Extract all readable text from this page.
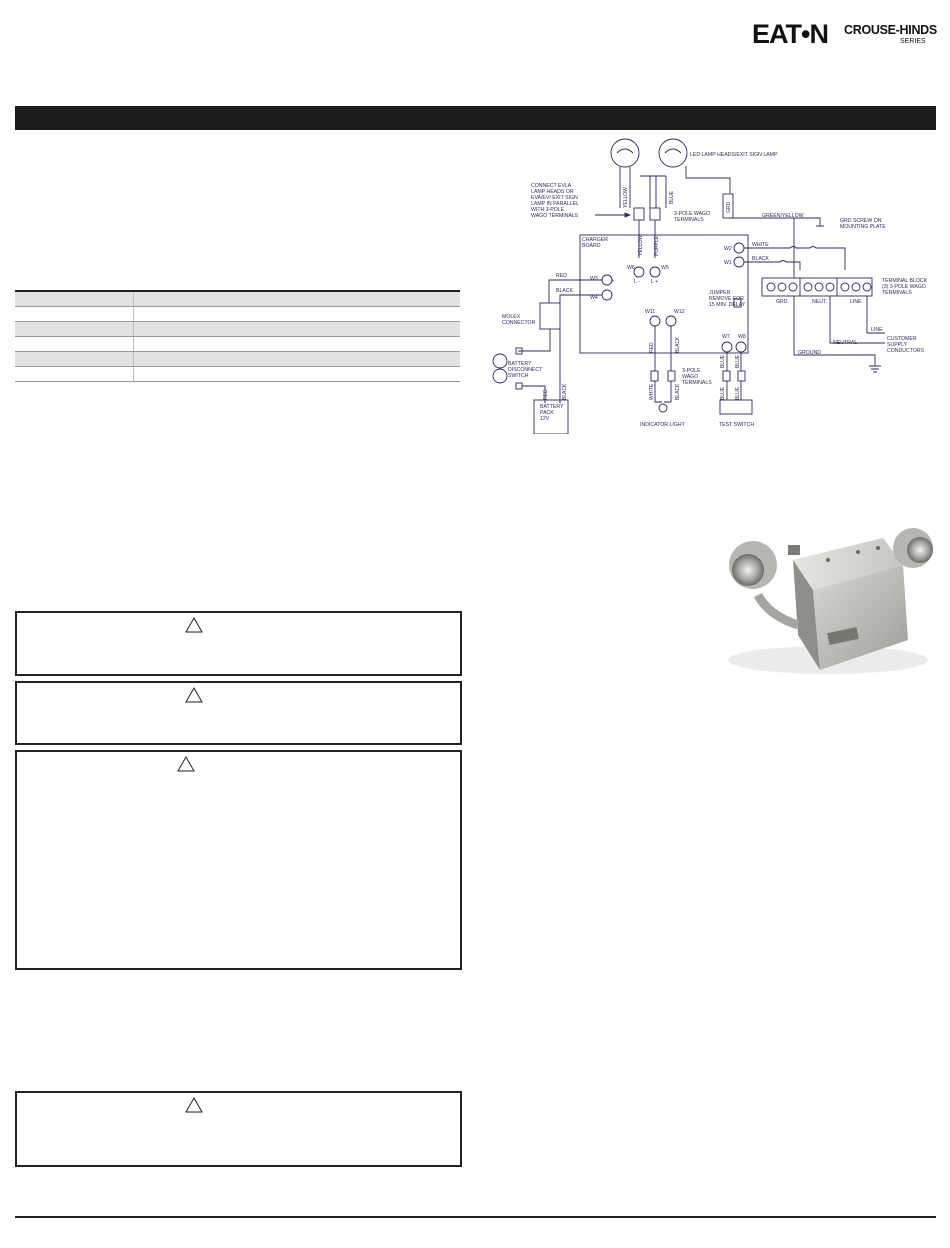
EAT•N CROUSE-HINDS
SERIES
LED LAMP HEADS/EXIT SIGN LAMP
CONNECT EVLA
LAMP HEADS OR
EVA/EVI EXIT SIGN
LAMP IN PARALLEL
WITH 3-POLE
WAGO TERMINALS	3-POLE WAGO
TERMINALS
GREEN/YELLOW
GRD SCREW ON
MOUNTING PLATE
CHARGER
BOARD	WHITE
BLACK
W2
W1
W6	W5
L - L +
JUMPER
REMOVE FOR
15 MIN. DELAY
TERMINAL BLOCK
(3) 3-POLE WAGO
TERMINALS
GRD.	NEUT.	LINE
LINE
NEUTRAL
GROUND
CUSTOMER
SUPPLY
CONDUCTORS
RED
BLACK
W3
W4
+
-
MOLEX
CONNECTOR
BATTERY
DISCONNECT
SWITCH
BATTERY
PACK
12V
W11	W12
W7 W8
3-POLE
WAGO
TERMINALS
INDICATOR LIGHT	TEST SWITCH
YELLOW	BLUE
GRD
YELLOW PURPLE
RED	BLACK
WHITE	BLACK
BLUE BLUE
BLUE BLUE
RED	BLACK
